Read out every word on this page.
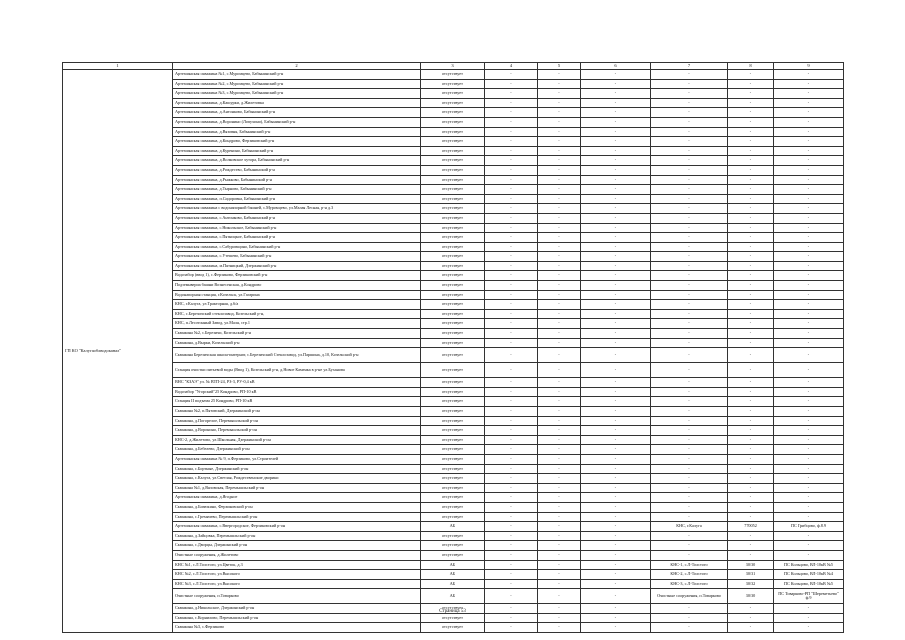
1	2	3	4	5	6	7	8	9
ГП КО "Калугаоблводоканал"	Артезианская скважина №1, с.Муромцево, Бабынинский р-н	отсутствует	-	-	-	-	-	-
	Артезианская скважина №2, с.Муромцево, Бабынинский р-н	отсутствует	-	-	-	-	-	-
	Артезианская скважина №3, с.Муромцево, Бабынинский р-н	отсутствует	-	-	-	-	-	-
	Артезианская скважина, д.Кашурки, д.Жилетовка	отсутствует	-	-	-	-	-	-
	Артезианская скважина, д.Антонково, Бабынинский р-н	отсутствует	-	-	-	-	-	-
	Артезианская скважина, д.Воронино (Лопухино), Бабынинский р-н	отсутствует	-	-	-	-	-	-
	Артезианская скважина, д.Вязовня, Бабынинский р-н	отсутствует	-	-	-	-	-	-
	Артезианская скважина, д.Кондрово, Ферзиковский р-н	отсутствует	-	-	-	-	-	-
	Артезианская скважина, д.Куренино, Бабынинский р-н	отсутствует	-	-	-	-	-	-
	Артезианская скважина, д.Волковское хутора, Бабынинский р-н	отсутствует	-	-	-	-	-	-
	Артезианская скважина, д.Рождество, Бабынинский р-н	отсутствует	-	-	-	-	-	-
	Артезианская скважина, д.Рыжково, Бабынинский р-н	отсутствует	-	-	-	-	-	-
	Артезианская скважина, д.Тырново, Бабынинский р-н	отсутствует	-	-	-	-	-	-
	Артезианская скважина, п.Сидоровка, Бабынинский р-н	отсутствует	-	-	-	-	-	-
	Артезианская скважина с водонапорной башней, с.Муромцево, ул.Малая Лесная, р-н д.3	отсутствует	-	-	-	-	-	-
	Артезианская скважина, с.Антонково, Бабынинский р-н	отсутствует	-	-	-	-	-	-
	Артезианская скважина, с.Никольское, Бабынинский р-н	отсутствует	-	-	-	-	-	-
	Артезианская скважина, с.Пятницкое, Бабынинский р-н	отсутствует	-	-	-	-	-	-
	Артезианская скважина, с.Сабуровщино, Бабынинский р-н	отсутствует	-	-	-	-	-	-
	Артезианская скважина, с.Утешево, Бабынинский р-н	отсутствует	-	-	-	-	-	-
	Артезианская скважина, м.Пятницкий, Дзержинский р-н	отсутствует	-	-	-	-	-	-
	Водозабор (ввод 1), с.Ферзиково, Ферзиковский р-н	отсутствует	-	-	-	-	-	-
	Подземнвериа башни Вознесенская, д.Кондрово	отсутствует	-	-	-	-	-	-
	Водонапорная станция, г.Козельск, ул.Гагарина	отсутствует	-	-	-	-	-	-
	КНС, г.Калуга, ул.Тракторная, д.6/а	отсутствует	-	-	-	-	-	-
	КНС, с.Березичский стеклозавод, Козельский р-н,	отсутствует	-	-	-	-	-	-
	КНС, п.Лесотонный Завод, ул.Маля, стр.1	отсутствует	-	-	-	-	-	-
	Скважина №2, с.Березичи, Козельский р-н	отсутствует	-	-	-	-	-	-
	Скважина, д.Вырки, Козельский р-н	отсутствует	-	-	-	-	-	-
	Скважина Березичская школа-интернат, с.Березичский Стеклозавод, ул.Паршина, д.10, Козельский р-н	отсутствует	-	-	-	-	-	-
	Станция очистки питьевой воды (Ввод 1), Козельский р-н, д.Новое Каменка в р-не ул.Буханова	отсутствует	-	-	-	-	-	-
	ВНС "КЗАЭ" ул. № ВТП-24, РЗ-3, РУ-0,4 кВ	отсутствует	-	-	-	-	-	-
	Водозабор "Угорский"25 Кондрово, РП-10 кВ	отсутствует	-	-	-	-	-	-
	Станция II подъема 25 Кондрово, РП-10 кВ	отсутствует	-	-	-	-	-	-
	Скважина №2, п.Пятовский, Дзержинский р-он	отсутствует	-	-	-	-	-	-
	Скважина, д.Погорелое, Перемышльский р-он	отсутствует	-	-	-	-	-	-
	Скважина, д.Воронино, Перемышльский р-он	отсутствует	-	-	-	-	-	-
	КНС-2, д.Жилетово, ул.Школьная, Дзержинский р-он	отсутствует	-	-	-	-	-	-
	Скважина, д.Бебелево, Дзержинский р-он	отсутствует	-	-	-	-	-	-
	Артезианская скважина № 9, п.Ферзиково, ул.Строителей	отсутствует	-	-	-	-	-	-
	Скважина, с.Бортные, Дзержинский р-он	отсутствует	-	-	-	-	-	-
	Скважина, с.Калуга, ул.Светлая, Рождественские дворики	отсутствует	-	-	-	-	-	-
	Скважина №1, д.Вязовская, Перемышльский р-он	отсутствует	-	-	-	-	-	-
	Артезианская скважина, д.Ягодное	отсутствует	-	-	-	-	-	-
	Скважина, д.Бизюкино, Ферзиковский р-он	отсутствует	-	-	-	-	-	-
	Скважина, с.Гремячево, Перемышльский р-он	отсутствует	-	-	-	-	-	-
	Артезианская скважина, с.Ввергородское, Ферзиковский р-он	АБ	-	-	-	КНС, г.Калуга	770052	ПС Грибцово, ф.8.9
	Скважина, д.Зайцовка, Перемышльский р-он	отсутствует	-	-	-	-	-	-
	Скважина, с.Дворцы, Дзержинский р-он	отсутствует	-	-	-	-	-	-
	Очистные сооружения, д.Жилетово	отсутствует	-	-	-	-	-	-
	КНС №1, с.Л.Толстого, ул.Цветок, д.3	АБ	-	-	-	КНС-1, с.Л-Толстого	30/30	ПС Кольцово, ВЛ-10кВ №5
	КНС №2, с.Л.Толстого, ул.Высокого	АБ	-	-	-	КНС-2, с.Л-Толстого	30/31	ПС Кольцово, ВЛ-10кВ №4
	КНС №3, с.Л.Толстого, ул.Высокого	АБ	-	-	-	КНС-3, с.Л-Толстого	30/32	ПС Кольцово, ВЛ-10кВ №5
	Очистные сооружения, п.Товарково	АБ	-	-	-	Очистные сооружения, п.Товарково	30/30	ПС Товарково-РП "Шереметьево" ф.9
	Скважина, д.Никольское, Дзержинский р-он	отсутствует	-	-	-	-	-	-
	Скважина, с.Корнилово, Перемышльский р-он	отсутствует	-	-	-	-	-	-
	Скважина №3, с.Ферзиково	отсутствует	-	-	-	-	-	-
Страница 53
